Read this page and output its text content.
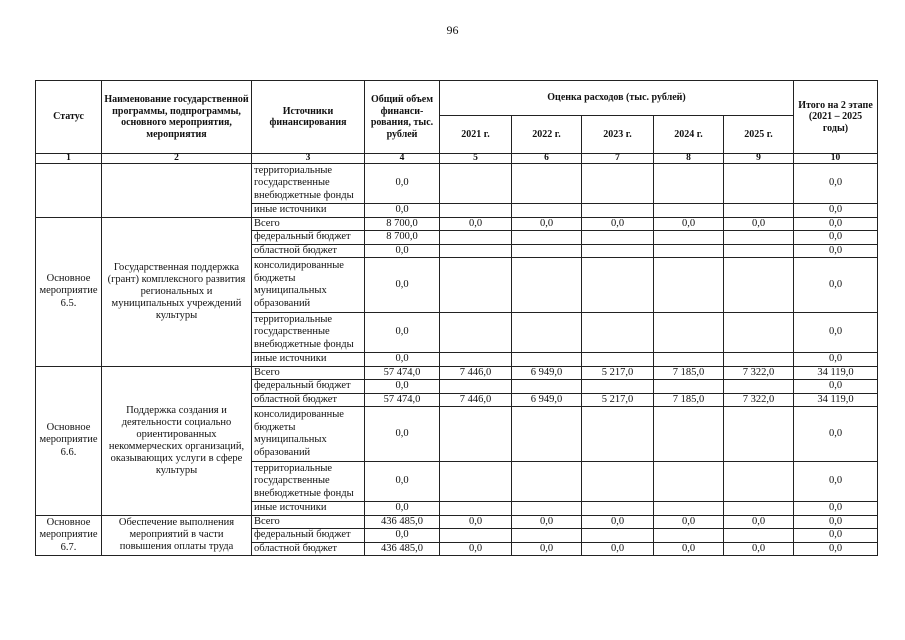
96
Статус	Наименование государственной программы, подпрограммы, основного мероприятия, мероприятия	Источники финансирования	Общий объем финанси- рования, тыс. рублей	Оценка расходов (тыс. рублей)					Итого на 2 этапе (2021 – 2025 годы)
				2021 г.	2022 г.	2023 г.	2024 г.	2025 г.	
1	2	3	4	5	6	7	8	9	10
		территориальные государственные внебюджетные фонды	0,0						0,0
		иные источники	0,0						0,0
Основное мероприятие 6.5.	Государственная поддержка (грант) комплексного развития региональных и муниципальных учреждений культуры	Всего	8 700,0	0,0	0,0	0,0	0,0	0,0	0,0
		федеральный бюджет	8 700,0						0,0
		областной бюджет	0,0						0,0
		консолидированные бюджеты муниципальных образований	0,0						0,0
		территориальные государственные внебюджетные фонды	0,0						0,0
		иные источники	0,0						0,0
Основное мероприятие 6.6.	Поддержка создания и деятельности социально ориентированных некоммерческих организаций, оказывающих услуги в сфере культуры	Всего	57 474,0	7 446,0	6 949,0	5 217,0	7 185,0	7 322,0	34 119,0
		федеральный бюджет	0,0						0,0
		областной бюджет	57 474,0	7 446,0	6 949,0	5 217,0	7 185,0	7 322,0	34 119,0
		консолидированные бюджеты муниципальных образований	0,0						0,0
		территориальные государственные внебюджетные фонды	0,0						0,0
		иные источники	0,0						0,0
Основное мероприятие 6.7.	Обеспечение выполнения мероприятий в части повышения оплаты труда	Всего	436 485,0	0,0	0,0	0,0	0,0	0,0	0,0
		федеральный бюджет	0,0						0,0
		областной бюджет	436 485,0	0,0	0,0	0,0	0,0	0,0	0,0
